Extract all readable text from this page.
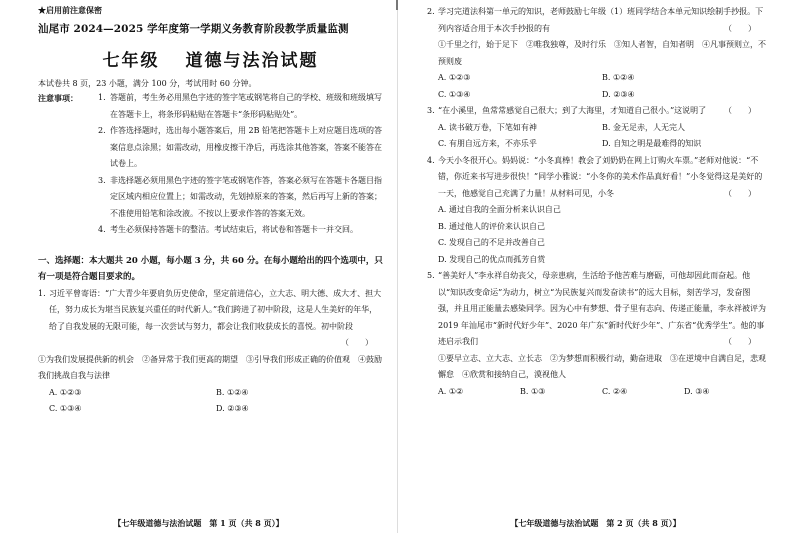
★启用前注意保密

汕尾市 2024—2025 学年度第一学期义务教育阶段教学质量监测

七年级 道德与法治试题

本试卷共 8 页，23 小题，满分 100 分，考试用时 60 分钟。

注意事项：	1. 答题前，考生务必用黑色字迹的签字笔或钢笔将自己的学校、班级和班级填写在答题卡上，将条形码粘贴在答题卡“条形码粘贴处”。
2. 作答选择题时，选出每小题答案后，用 2B 铅笔把答题卡上对应题目选项的答案信息点涂黑；如需改动，用橡皮擦干净后，再选涂其他答案，答案不能答在试卷上。
3. 非选择题必须用黑色字迹的签字笔或钢笔作答，答案必须写在答题卡各题目指定区域内相应位置上；如需改动，先划掉原来的答案，然后再写上新的答案；不准使用铅笔和涂改液。不按以上要求作答的答案无效。
4. 考生必须保持答题卡的整洁。考试结束后，将试卷和答题卡一并交回。

一、选择题：本大题共 20 小题，每小题 3 分，共 60 分。在每小题给出的四个选项中，只有一项是符合题目要求的。

1. 习近平曾寄语：“广大青少年要肩负历史使命，坚定前进信心，立大志、明大德、成大才、担大任，努力成长为堪当民族复兴重任的时代新人。”我们跨进了初中阶段，这是人生美好的年华，给了自我发展的无限可能，每一次尝试与努力，都会让我们收获成长的喜悦。初中阶段
（　　）

①为我们发展提供新的机会　②备异常于我们更高的期望　③引导我们形成正确的价值观　④鼓励我们挑战自我与法律

A. ①②③	B. ①②④
C. ①③④	D. ②③④
【七年级道德与法治试题　第 1 页（共 8 页）】
2. 学习完道法科第一单元的知识，老师鼓励七年级（1）班同学结合本单元知识绘制手抄报。下列内容适合用于本次手抄报的有	（　　）

①千里之行，始于足下　②唯我独尊，及时行乐　③知人者智，自知者明　④凡事预则立，不预则废

A. ①②③	B. ①②④
C. ①③④	D. ②③④
3. “在小溪里，鱼常常感觉自己很大；到了大海里，才知道自己很小。”这说明了 （　　）
A. 读书破万卷，下笔如有神	B. 金无足赤，人无完人
C. 有朋自远方来，不亦乐乎	D. 自知之明是最难得的知识
4. 今天小冬很开心。妈妈说：“小冬真棒！教会了刘奶奶在网上订购火车票。”老师对他说：“不错，你近来书写进步很快！”同学小雅说：“小冬你的美术作品真好看！”小冬觉得这是美好的一天，他感觉自己充满了力量！从材料可见，小冬	（　　）

A. 通过自我的全面分析来认识自己

B. 通过他人的评价来认识自己

C. 发现自己的不足并改善自己

D. 发现自己的优点而孤芳自赏

5. “善美好人”李永祥自幼丧父，母亲患病，生活给予他苦难与磨砺，可他却因此而奋起。他以“知识改变命运”为动力，树立“为民族复兴而发奋读书”的远大目标，刻苦学习，发奋图强，并且用正能量去感染同学。因为心中有梦想、骨子里有志向、传递正能量，李永祥被评为 2019 年汕尾市“新时代好少年”、2020 年广东“新时代好少年”、广东省“优秀学生”。他的事迹启示我们	（　　）

①要早立志、立大志、立长志　②为梦想而积极行动，勤奋进取　③在逆境中自满自足，悲观懈怠　④欣赏和接纳自己，漠视他人

A. ①②	B. ①③	C. ②④	D. ③④
【七年级道德与法治试题　第 2 页（共 8 页）】
